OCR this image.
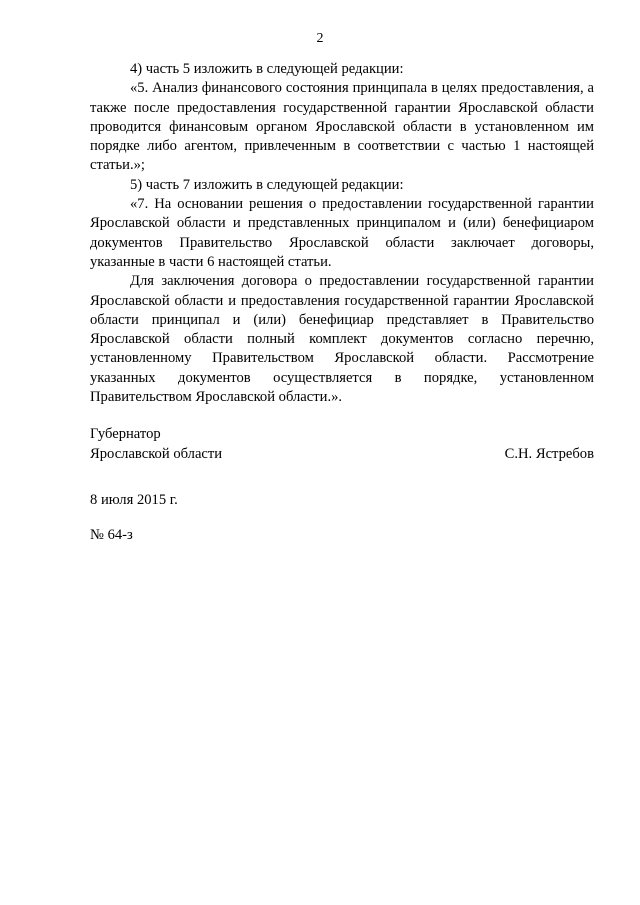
2

4) часть 5 изложить в следующей редакции:

«5. Анализ финансового состояния принципала в целях предоставления, а также после предоставления государственной гарантии Ярославской области проводится финансовым органом Ярославской области в установленном им порядке либо агентом, привлеченным в соответствии с частью 1 настоящей статьи.»;

5) часть 7 изложить в следующей редакции:

«7. На основании решения о предоставлении государственной гарантии Ярославской области и представленных принципалом и (или) бенефициаром документов Правительство Ярославской области заключает договоры, указанные в части 6 настоящей статьи.

Для заключения договора о предоставлении государственной гарантии Ярославской области и предоставления государственной гарантии Ярославской области принципал и (или) бенефициар представляет в Правительство Ярославской области полный комплект документов согласно перечню, установленному Правительством Ярославской области. Рассмотрение указанных документов осуществляется в порядке, установленном Правительством Ярославской области.».

Губернатор
Ярославской области	С.Н. Ястребов
8 июля 2015 г.
№ 64-з
